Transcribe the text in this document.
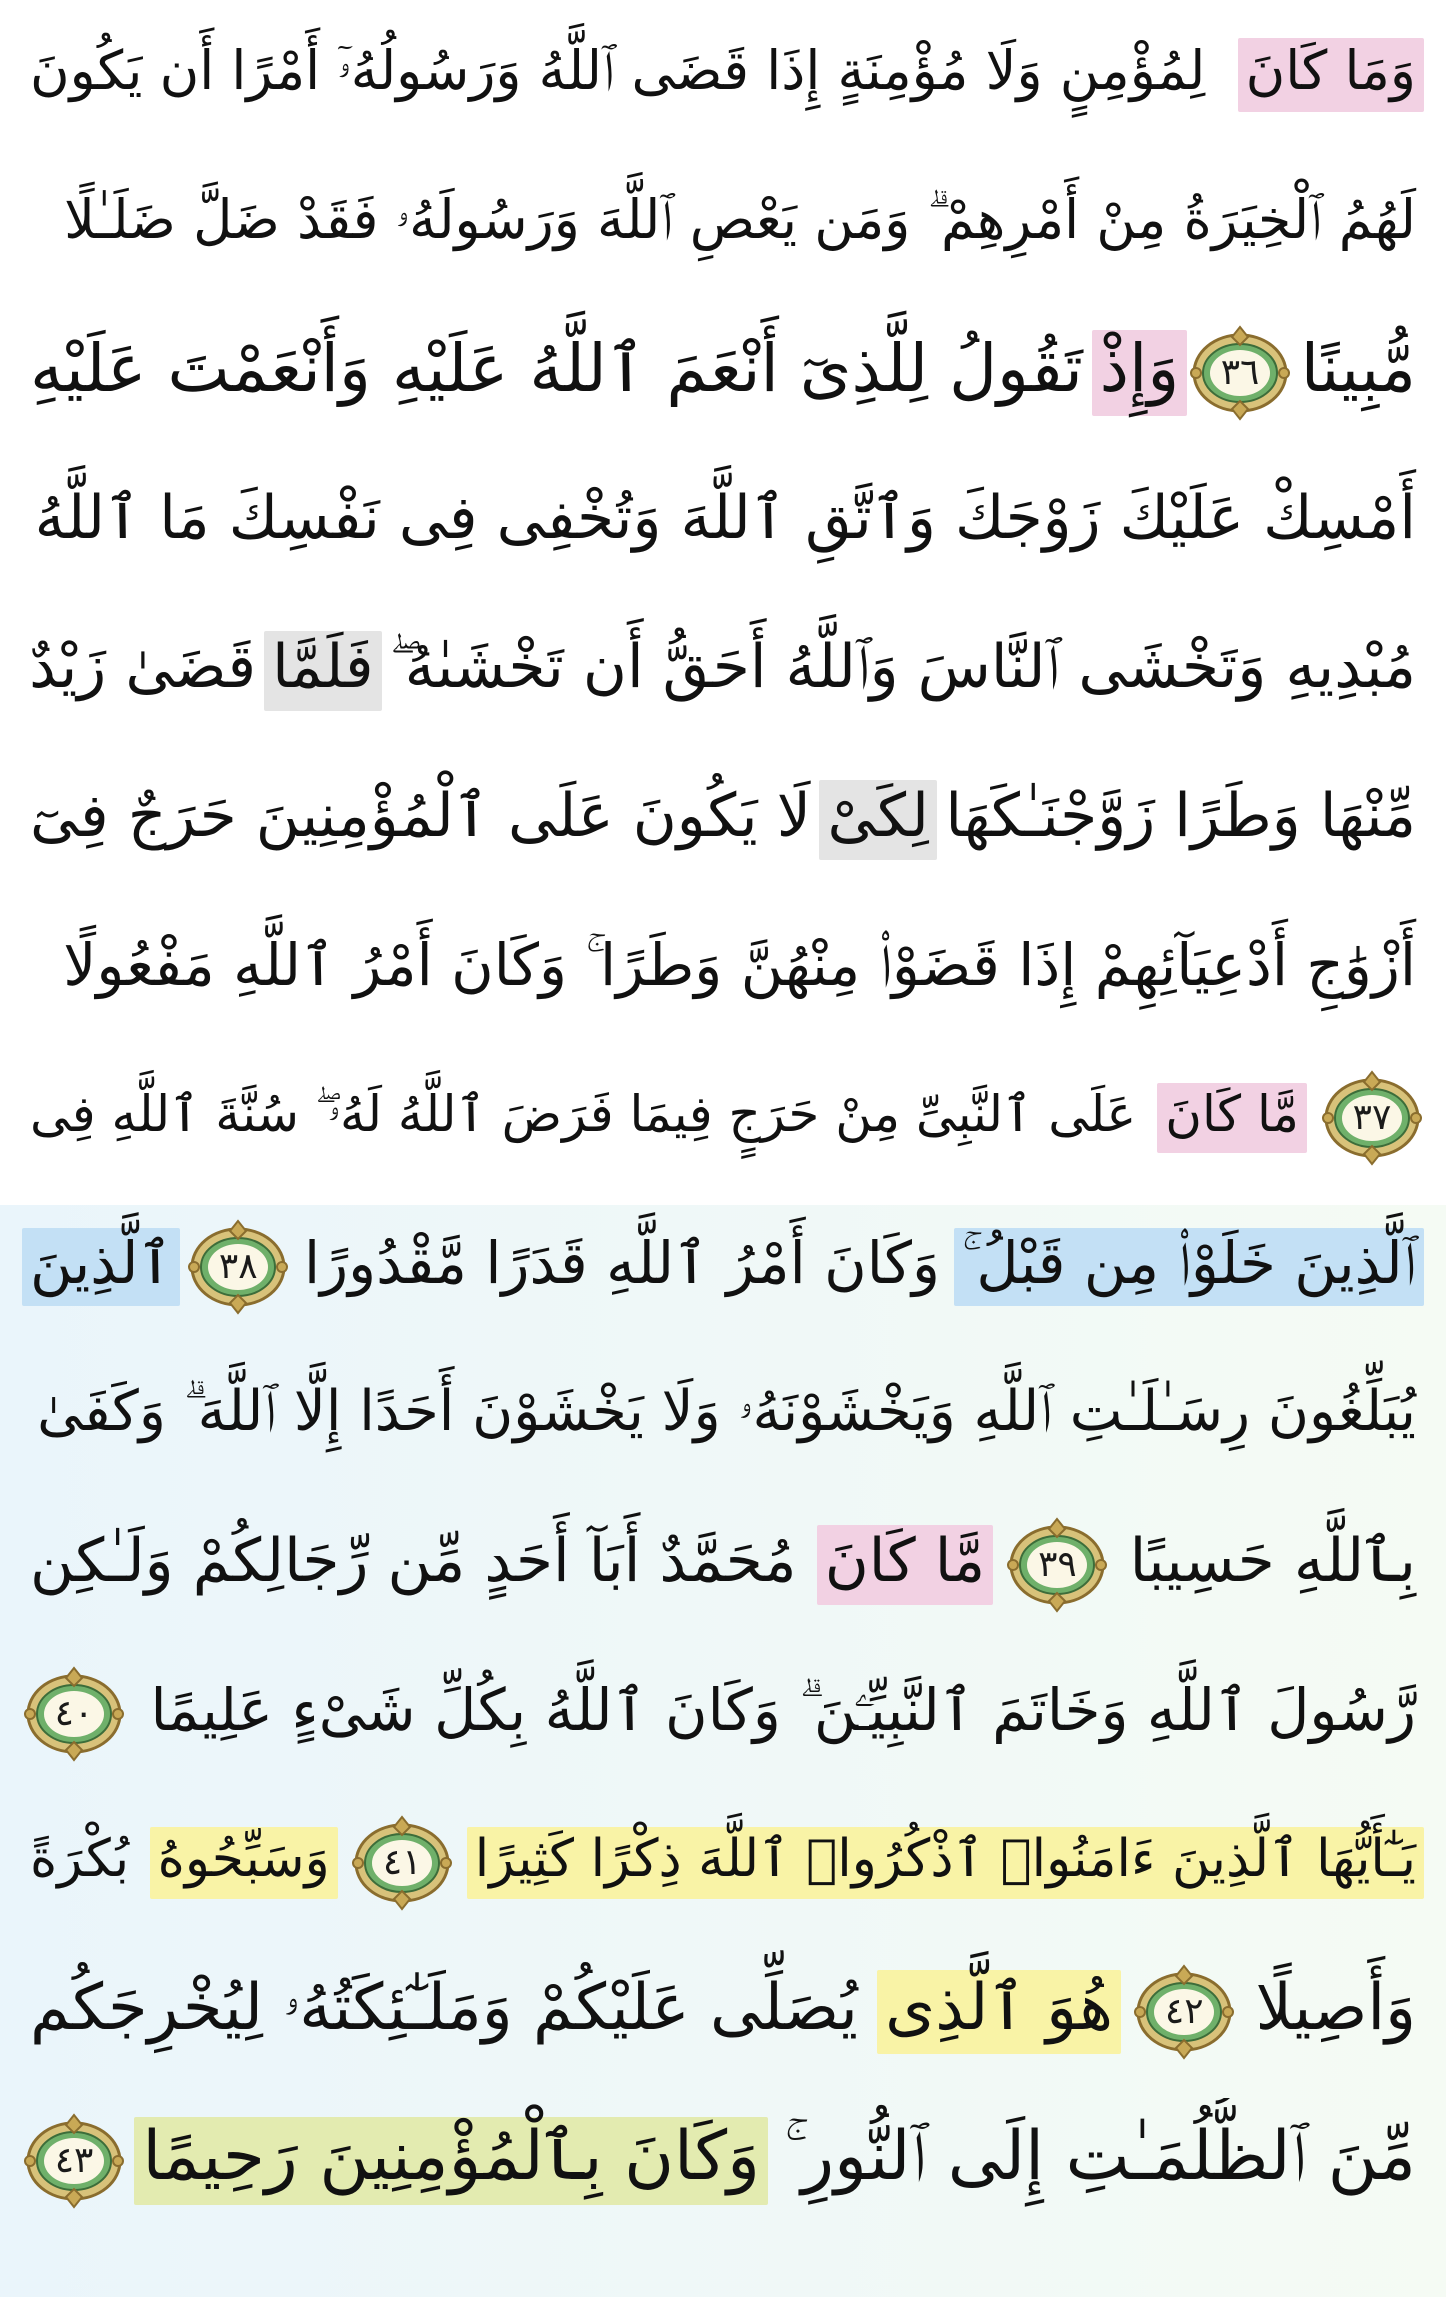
وَمَا كَانَ
لِمُؤْمِنٍ وَلَا مُؤْمِنَةٍ إِذَا قَضَى ٱللَّهُ وَرَسُولُهُۥٓ أَمْرًا أَن يَكُونَ
لَهُمُ ٱلْخِيَرَةُ مِنْ أَمْرِهِمْ ۗ وَمَن يَعْصِ ٱللَّهَ وَرَسُولَهُۥ فَقَدْ ضَلَّ ضَلَـٰلًا
مُّبِينًا
٣٦
وَإِذْ
تَقُولُ لِلَّذِىٓ أَنْعَمَ ٱللَّهُ عَلَيْهِ وَأَنْعَمْتَ عَلَيْهِ
أَمْسِكْ عَلَيْكَ زَوْجَكَ وَٱتَّقِ ٱللَّهَ وَتُخْفِى فِى نَفْسِكَ مَا ٱللَّهُ
مُبْدِيهِ وَتَخْشَى ٱلنَّاسَ وَٱللَّهُ أَحَقُّ أَن تَخْشَىٰهُ ۖ
فَلَمَّا
قَضَىٰ زَيْدٌ
مِّنْهَا وَطَرًا زَوَّجْنَـٰكَهَا
لِكَىْ
لَا يَكُونَ عَلَى ٱلْمُؤْمِنِينَ حَرَجٌ فِىٓ
أَزْوَٰجِ أَدْعِيَآئِهِمْ إِذَا قَضَوْا۟ مِنْهُنَّ وَطَرًا ۚ وَكَانَ أَمْرُ ٱللَّهِ مَفْعُولًا
٣٧
مَّا كَانَ
عَلَى ٱلنَّبِىِّ مِنْ حَرَجٍ فِيمَا فَرَضَ ٱللَّهُ لَهُۥ ۖ سُنَّةَ ٱللَّهِ فِى
ٱلَّذِينَ خَلَوْا۟ مِن قَبْلُ ۚ
وَكَانَ أَمْرُ ٱللَّهِ قَدَرًا مَّقْدُورًا
٣٨
ٱلَّذِينَ
يُبَلِّغُونَ رِسَـٰلَـٰتِ ٱللَّهِ وَيَخْشَوْنَهُۥ وَلَا يَخْشَوْنَ أَحَدًا إِلَّا ٱللَّهَ ۗ وَكَفَىٰ
بِٱللَّهِ حَسِيبًا
٣٩
مَّا كَانَ
مُحَمَّدٌ أَبَآ أَحَدٍ مِّن رِّجَالِكُمْ وَلَـٰكِن
رَّسُولَ ٱللَّهِ وَخَاتَمَ ٱلنَّبِيِّـۧنَ ۗ وَكَانَ ٱللَّهُ بِكُلِّ شَىْءٍ عَلِيمًا
٤٠
يَـٰٓأَيُّهَا ٱلَّذِينَ ءَامَنُوا۟ ٱذْكُرُوا۟ ٱللَّهَ ذِكْرًا كَثِيرًا
٤١
وَسَبِّحُوهُ
بُكْرَةً
وَأَصِيلًا
٤٢
هُوَ ٱلَّذِى
يُصَلِّى عَلَيْكُمْ وَمَلَـٰٓئِكَتُهُۥ لِيُخْرِجَكُم
مِّنَ ٱلظُّلُمَـٰتِ إِلَى ٱلنُّورِ ۚ
وَكَانَ بِٱلْمُؤْمِنِينَ رَحِيمًا
٤٣
